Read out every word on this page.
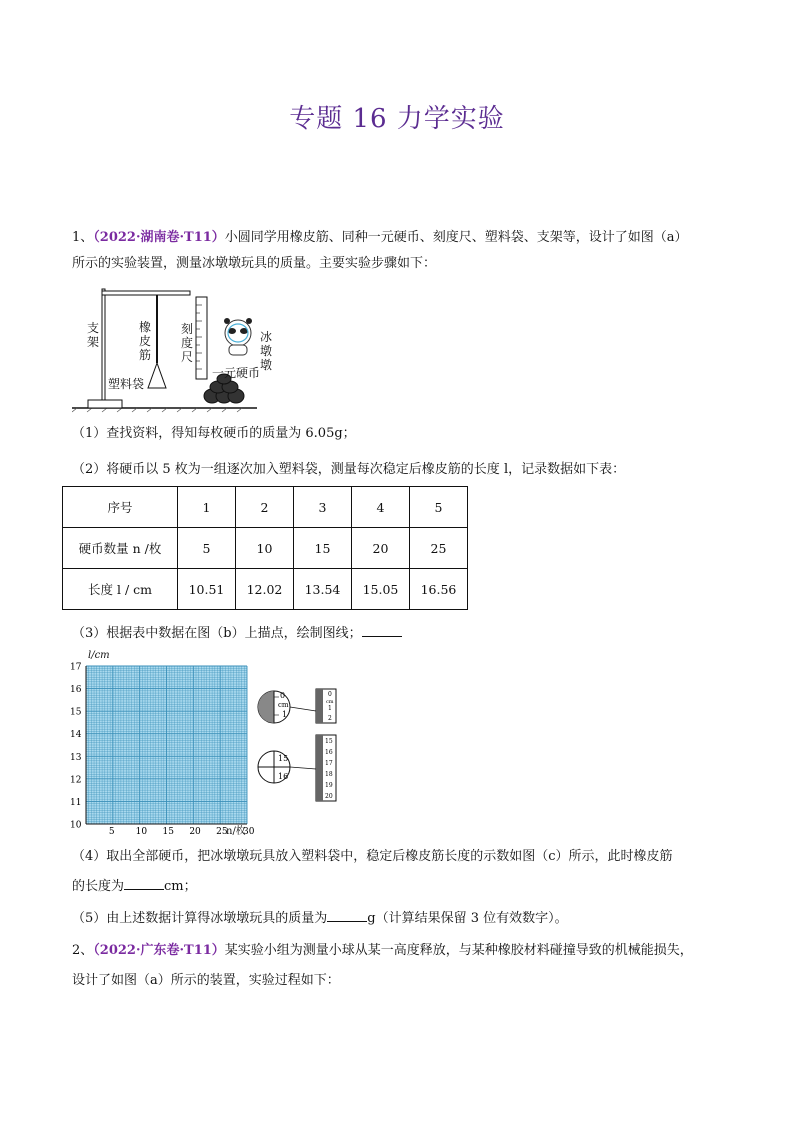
专题 16 力学实验
1、（2022·湖南卷·T11）小圆同学用橡皮筋、同种一元硬币、刻度尺、塑料袋、支架等，设计了如图（a）
所示的实验装置，测量冰墩墩玩具的质量。主要实验步骤如下：
支架
橡皮筋
刻度尺
塑料袋
冰墩墩
一元硬币
（1）查找资料，得知每枚硬币的质量为 6.05g；
（2）将硬币以 5 枚为一组逐次加入塑料袋，测量每次稳定后橡皮筋的长度 l，记录数据如下表：
序号	1	2	3	4	5
硬币数量 n /枚	5	10	15	20	25
长度 l / cm	10.51	12.02	13.54	15.05	16.56
（3）根据表中数据在图（b）上描点，绘制图线；
l/cm
n/枚
17
16
15
14
13
12
11
10
5 10 15 20 25 30
0
cm
1
0
cm
1
2
15
16
15
16
17
18
19
20
（4）取出全部硬币，把冰墩墩玩具放入塑料袋中，稳定后橡皮筋长度的示数如图（c）所示，此时橡皮筋
的长度为	cm；
（5）由上述数据计算得冰墩墩玩具的质量为	g（计算结果保留 3 位有效数字）。
2、（2022·广东卷·T11）某实验小组为测量小球从某一高度释放，与某种橡胶材料碰撞导致的机械能损失，
设计了如图（a）所示的装置，实验过程如下：
